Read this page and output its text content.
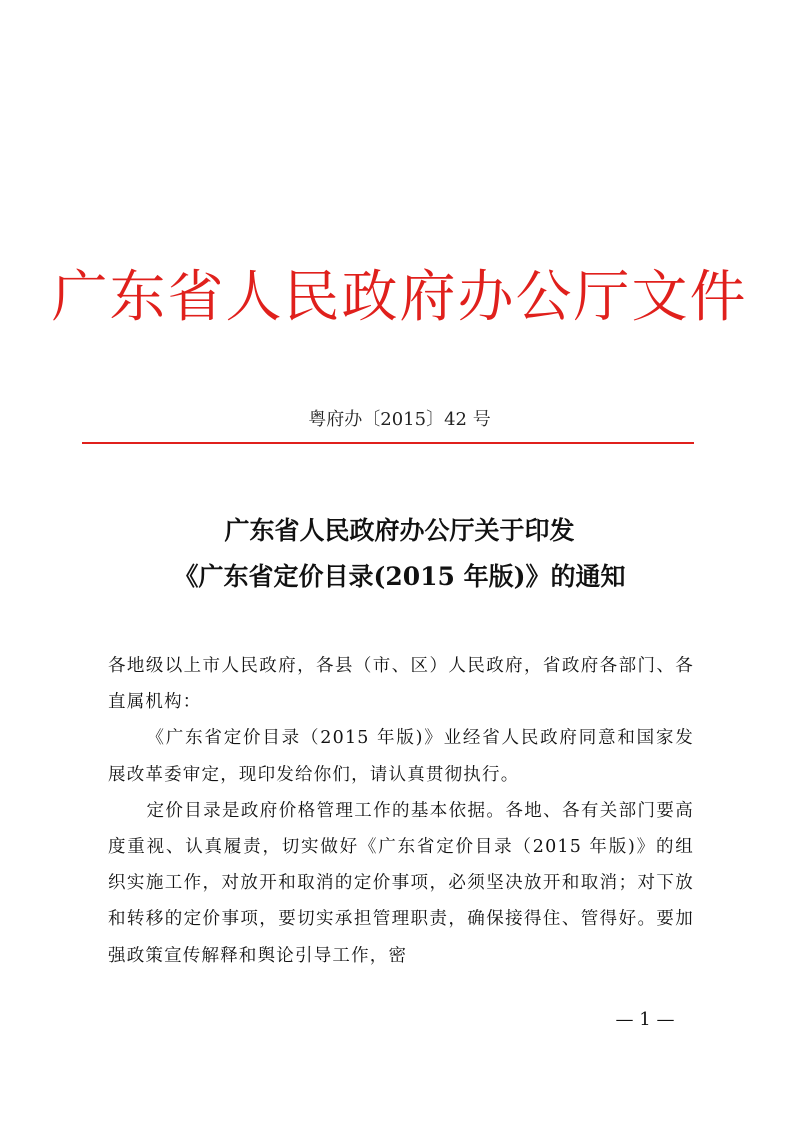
广东省人民政府办公厅文件
粤府办〔2015〕42 号
广东省人民政府办公厅关于印发
《广东省定价目录(2015 年版)》的通知

各地级以上市人民政府，各县（市、区）人民政府，省政府各部门、各直属机构：

《广东省定价目录（2015 年版)》业经省人民政府同意和国家发展改革委审定，现印发给你们，请认真贯彻执行。

定价目录是政府价格管理工作的基本依据。各地、各有关部门要高度重视、认真履责，切实做好《广东省定价目录（2015 年版)》的组织实施工作，对放开和取消的定价事项，必须坚决放开和取消；对下放和转移的定价事项，要切实承担管理职责，确保接得住、管得好。要加强政策宣传解释和舆论引导工作，密

— 1 —
